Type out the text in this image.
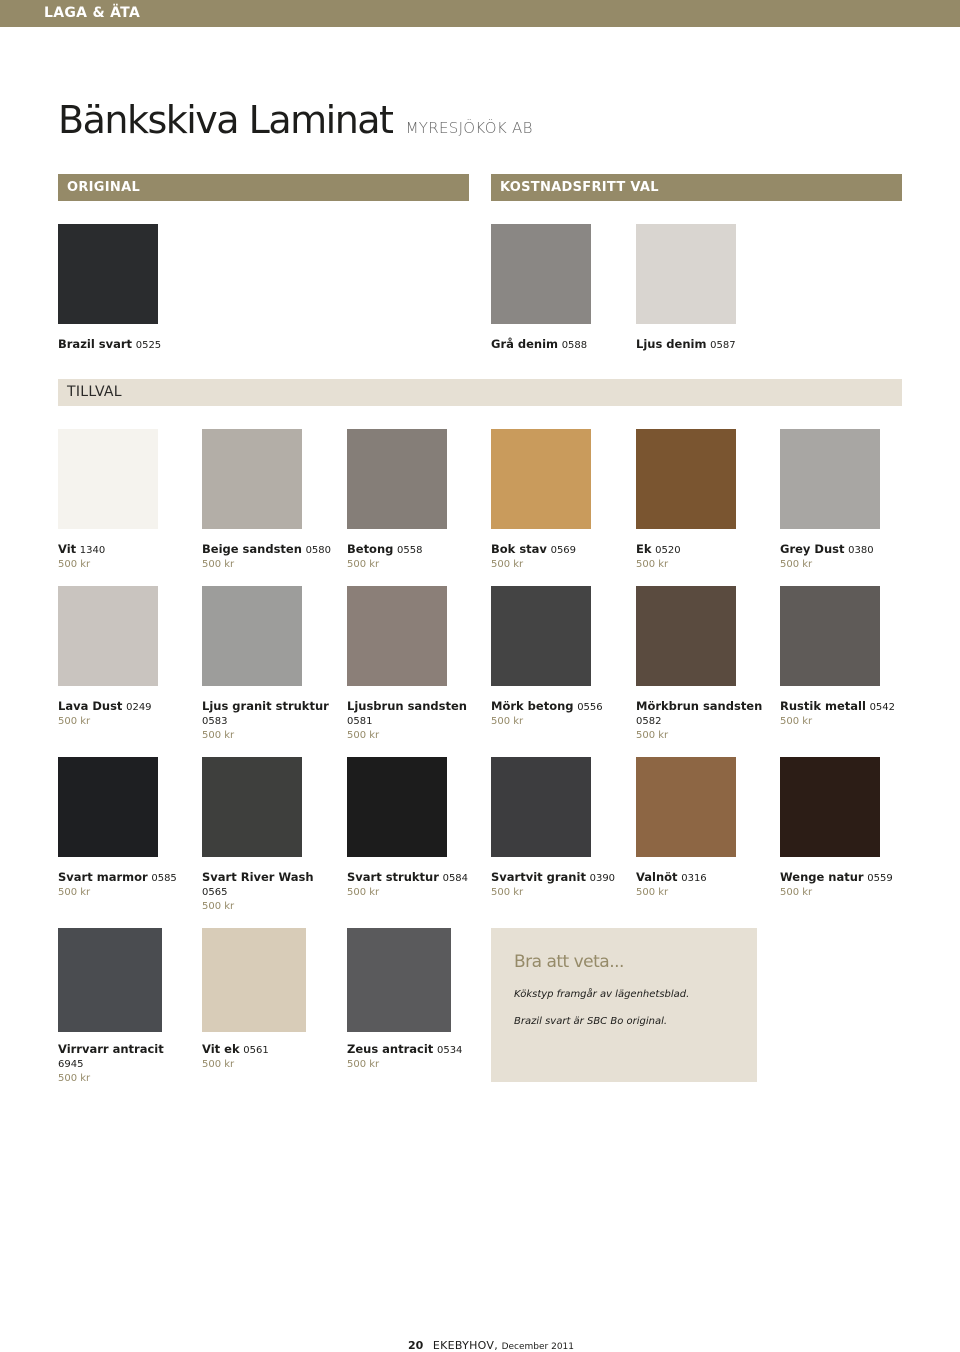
LAGA & ÄTA
Bänkskiva Laminat MYRESJÖKÖK AB
ORIGINAL	KOSTNADSFRITT VAL
TILLVAL
Brazil svart 0525	Grå denim 0588	Ljus denim 0587
Vit 1340
500 kr
Beige sandsten 0580
500 kr
Betong 0558
500 kr
Bok stav 0569
500 kr
Ek 0520
500 kr
Grey Dust 0380
500 kr
Lava Dust 0249
500 kr
Ljus granit struktur
0583
500 kr
Ljusbrun sandsten
0581
500 kr
Mörk betong 0556
500 kr
Mörkbrun sandsten
0582
500 kr
Rustik metall 0542
500 kr
Svart marmor 0585
500 kr
Svart River Wash
0565
500 kr
Svart struktur 0584
500 kr
Svartvit granit 0390
500 kr
Valnöt 0316
500 kr
Wenge natur 0559
500 kr
Virrvarr antracit
6945
500 kr
Vit ek 0561
500 kr
Zeus antracit 0534
500 kr
Bra att veta...
Kökstyp framgår av lägenhetsblad.
Brazil svart är SBC Bo original.
20 EKEBYHOV, December 2011
